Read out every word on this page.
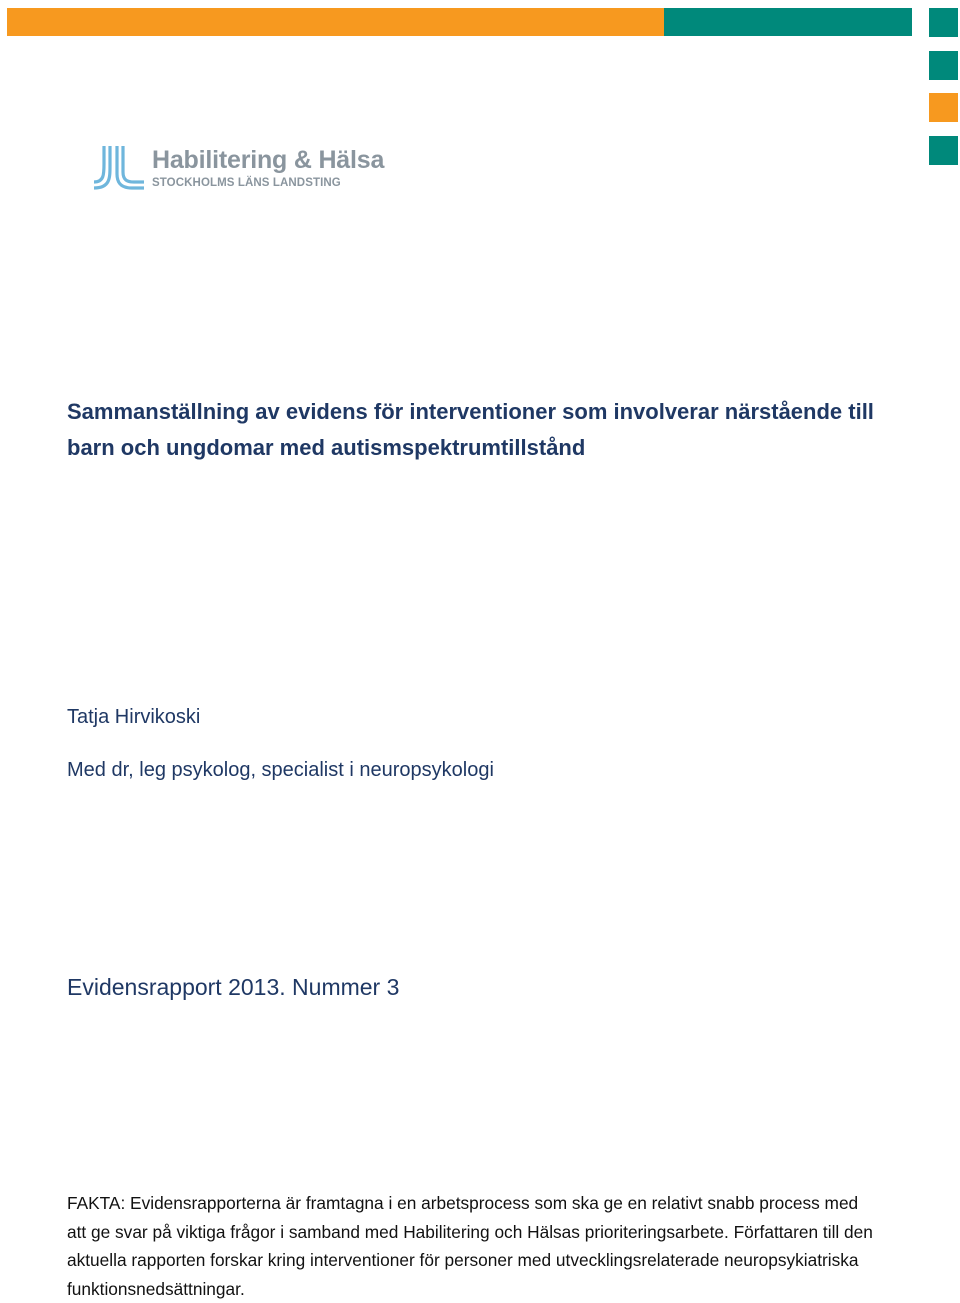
Habilitering & Hälsa
STOCKHOLMS LÄNS LANDSTING
Sammanställning av evidens för interventioner som involverar närstående till barn och ungdomar med autismspektrumtillstånd
Tatja Hirvikoski
Med dr, leg psykolog, specialist i neuropsykologi
Evidensrapport 2013. Nummer 3

FAKTA: Evidensrapporterna är framtagna i en arbetsprocess som ska ge en relativt snabb process med att ge svar på viktiga frågor i samband med Habilitering och Hälsas prioriteringsarbete. Författaren till den aktuella rapporten forskar kring interventioner för personer med utvecklingsrelaterade neuropsykiatriska funktionsnedsättningar.
